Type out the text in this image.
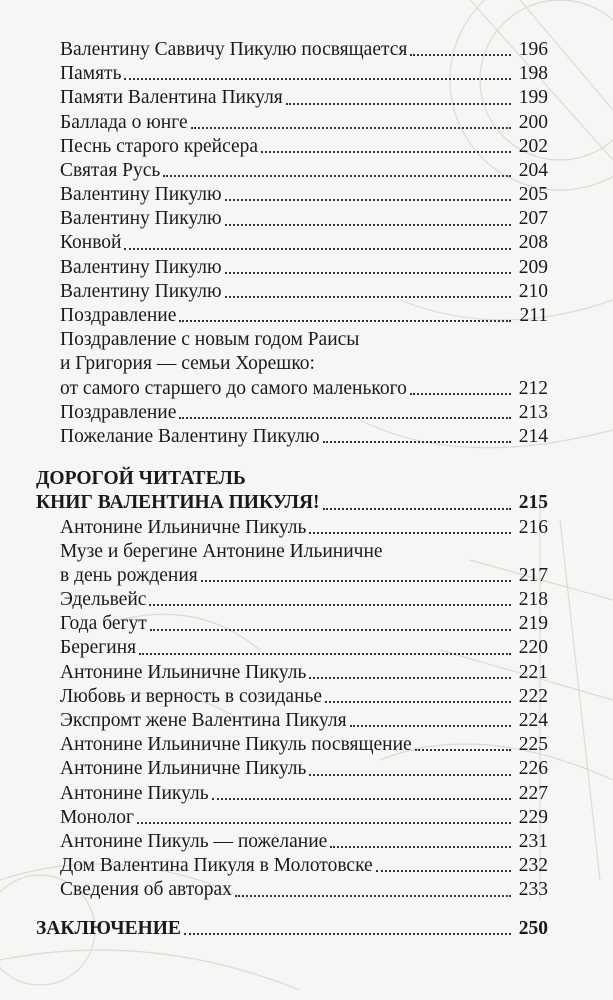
Валентину Саввичу Пикулю посвящается	196
Память	198
Памяти Валентина Пикуля	199
Баллада о юнге	200
Песнь старого крейсера	202
Святая Русь	204
Валентину Пикулю	205
Валентину Пикулю	207
Конвой	208
Валентину Пикулю	209
Валентину Пикулю	210
Поздравление	211
Поздравление с новым годом Раисы
и Григория — семьи Хорешко:
от самого старшего до самого маленького	212
Поздравление	213
Пожелание Валентину Пикулю	214
ДОРОГОЙ ЧИТАТЕЛЬ
КНИГ ВАЛЕНТИНА ПИКУЛЯ!	215
Антонине Ильиничне Пикуль	216
Музе и берегине Антонине Ильиничне
в день рождения	217
Эдельвейс	218
Года бегут	219
Берегиня	220
Антонине Ильиничне Пикуль	221
Любовь и верность в созиданье	222
Экспромт жене Валентина Пикуля	224
Антонине Ильиничне Пикуль посвящение	225
Антонине Ильиничне Пикуль	226
Антонине Пикуль	227
Монолог	229
Антонине Пикуль — пожелание	231
Дом Валентина Пикуля в Молотовске	232
Сведения об авторах	233
ЗАКЛЮЧЕНИЕ	250
